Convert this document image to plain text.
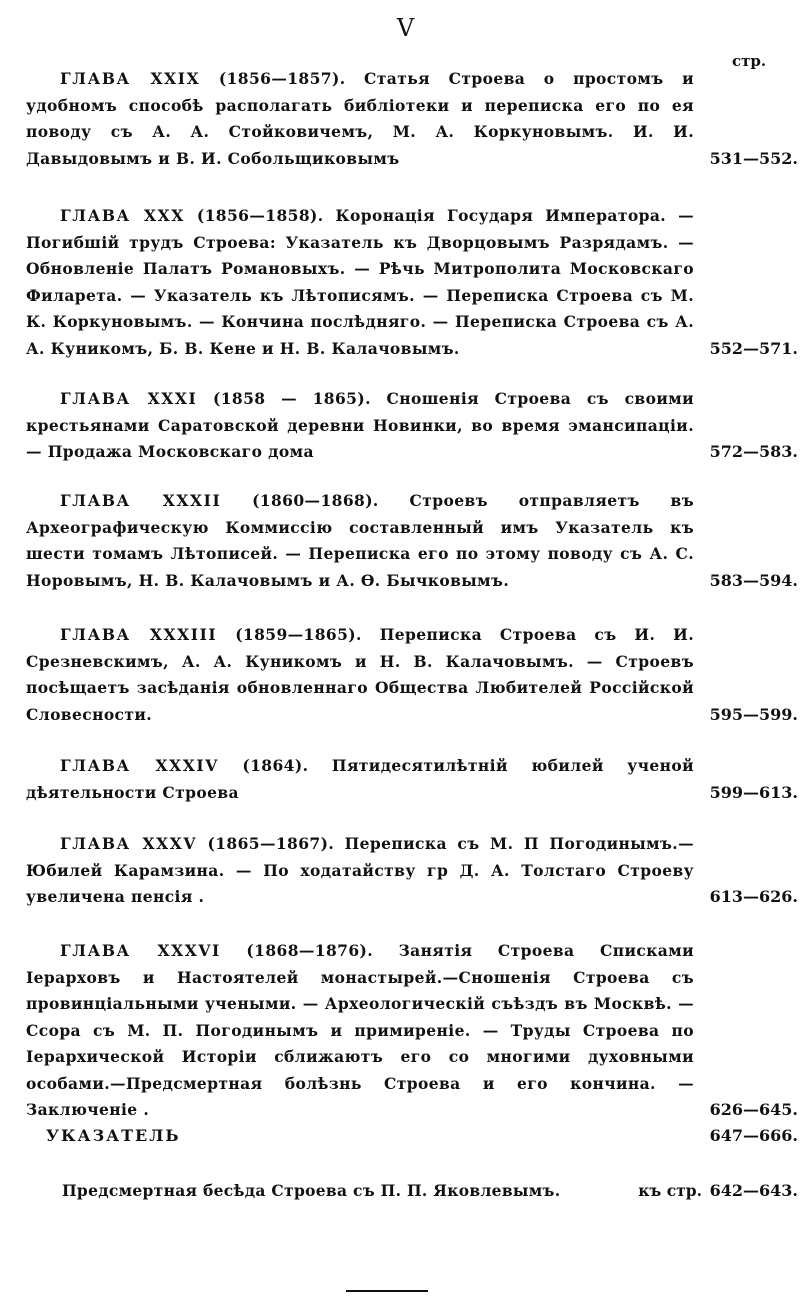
V
стр.
ГЛАВА XXIX (1856—1857). Статья Строева о простомъ и удобномъ способѣ располагать библіотеки и переписка его по ея поводу съ А. А. Стойковичемъ, М. А. Коркуновымъ. И. И. Давыдовымъ и В. И. Собольщиковымъ	531—552.
ГЛАВА XXX (1856—1858). Коронація Государя Императора. — Погибшій трудъ Строева: Указатель къ Дворцовымъ Разрядамъ. — Обновленіе Палатъ Романовыхъ. — Рѣчь Митрополита Московскаго Филарета. — Указатель къ Лѣтописямъ. — Переписка Строева съ М. К. Коркуновымъ. — Кончина послѣдняго. — Переписка Строева съ А. А. Куникомъ, Б. В. Кене и Н. В. Калачовымъ.	552—571.
ГЛАВА XXXI (1858 — 1865). Сношенія Строева съ своими крестьянами Саратовской деревни Новинки, во время эмансипаціи. — Продажа Московскаго дома	572—583.
ГЛАВА XXXII (1860—1868). Строевъ отправляетъ въ Археографическую Коммиссію составленный имъ Указатель къ шести томамъ Лѣтописей. — Переписка его по этому поводу съ А. С. Норовымъ, Н. В. Калачовымъ и А. Ѳ. Бычковымъ.	583—594.
ГЛАВА XXXIII (1859—1865). Переписка Строева съ И. И. Срезневскимъ, А. А. Куникомъ и Н. В. Калачовымъ. — Строевъ посѣщаетъ засѣданія обновленнаго Общества Любителей Россійской Словесности.	595—599.
ГЛАВА XXXIV (1864). Пятидесятилѣтній юбилей ученой дѣятельности Строева	599—613.
ГЛАВА XXXV (1865—1867). Переписка съ М. П Погодинымъ.— Юбилей Карамзина. — По ходатайству гр Д. А. Толстаго Строеву увеличена пенсія .	613—626.
ГЛАВА XXXVI (1868—1876). Занятія Строева Списками Іерарховъ и Настоятелей монастырей.—Сношенія Строева съ провинціальными учеными. — Археологическій съѣздъ въ Москвѣ. — Ссора съ М. П. Погодинымъ и примиреніе. — Труды Строева по Іерархической Исторіи сближаютъ его со многими духовными особами.—Предсмертная болѣзнь Строева и его кончина. — Заключеніе .	626—645.
УКАЗАТЕЛЬ	647—666.
Предсмертная бесѣда Строева съ П. П. Яковлевымъ.	къ стр. 642—643.
